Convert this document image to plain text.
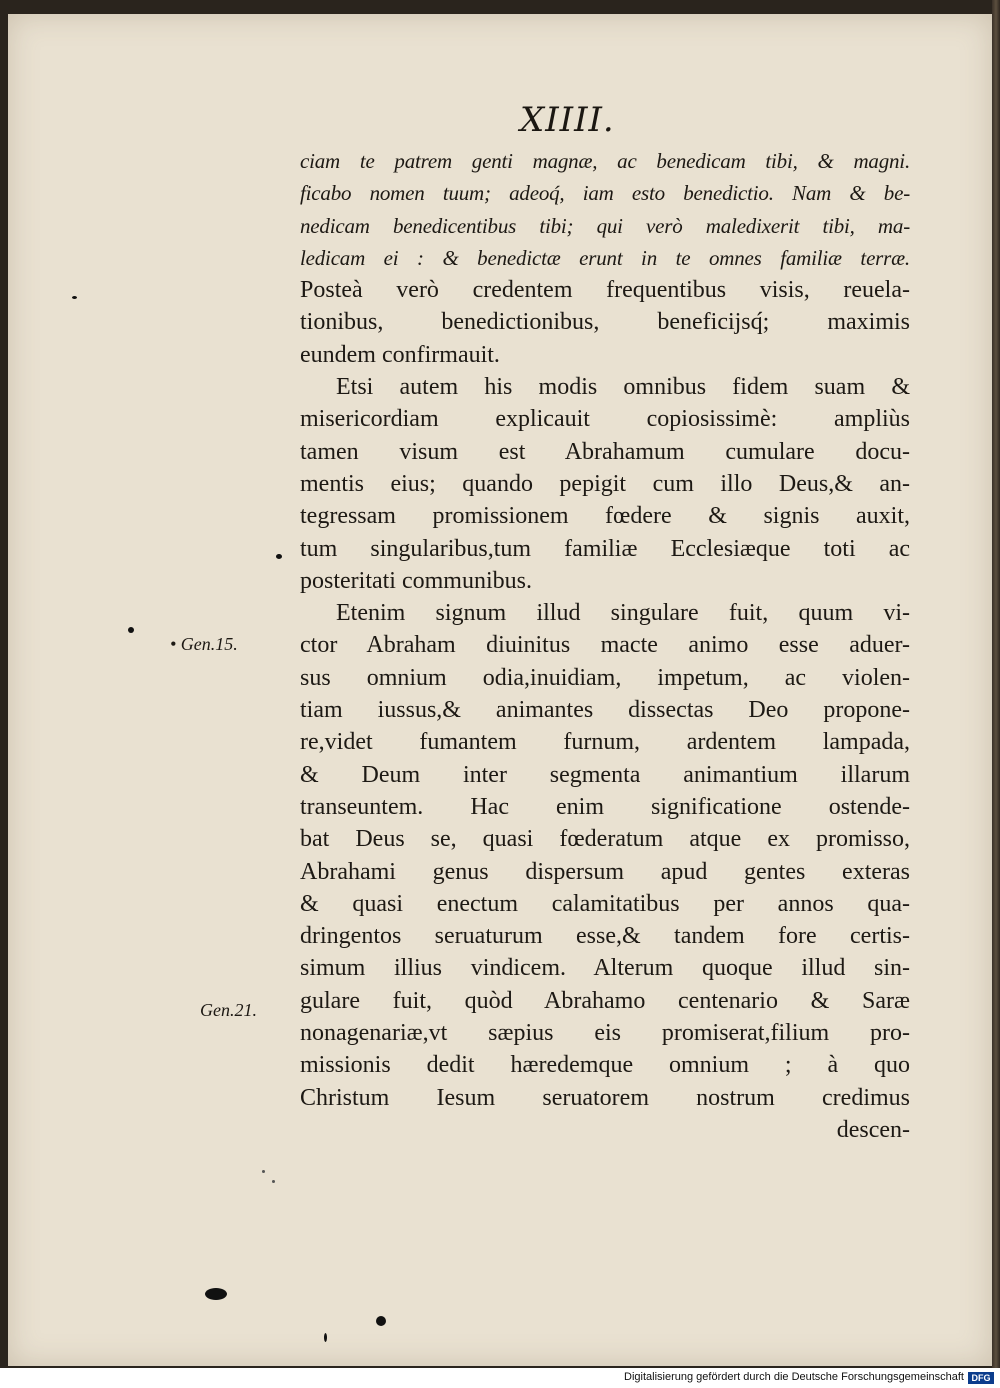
XIIII.
ciam te patrem genti magnæ, ac benedicam tibi, & magni.
ficabo nomen tuum; adeoq́, iam esto benedictio. Nam & be-
nedicam benedicentibus tibi; qui verò maledixerit tibi, ma-
ledicam ei : & benedictæ erunt in te omnes familiæ terræ.
Posteà verò credentem frequentibus visis, reuela-
tionibus, benedictionibus, beneficijsq́; maximis
eundem confirmauit.
Etsi autem his modis omnibus fidem suam &
misericordiam explicauit copiosissimè: ampliùs
tamen visum est Abrahamum cumulare docu-
mentis eius; quando pepigit cum illo Deus,& an-
tegressam promissionem fœdere & signis auxit,
tum singularibus,tum familiæ Ecclesiæque toti ac
posteritati communibus.
Etenim signum illud singulare fuit, quum vi-
ctor Abraham diuinitus macte animo esse aduer-
sus omnium odia,inuidiam, impetum, ac violen-
tiam iussus,& animantes dissectas Deo propone-
re,videt fumantem furnum, ardentem lampada,
& Deum inter segmenta animantium illarum
transeuntem. Hac enim significatione ostende-
bat Deus se, quasi fœderatum atque ex promisso,
Abrahami genus dispersum apud gentes exteras
& quasi enectum calamitatibus per annos qua-
dringentos seruaturum esse,& tandem fore certis-
simum illius vindicem. Alterum quoque illud sin-
gulare fuit, quòd Abrahamo centenario & Saræ
nonagenariæ,vt sæpius eis promiserat,filium pro-
missionis dedit hæredemque omnium ; à quo
Christum Iesum seruatorem nostrum credimus
descen-
• Gen.15.
Gen.21.
Digitalisierung gefördert durch die Deutsche Forschungsgemeinschaft DFG
